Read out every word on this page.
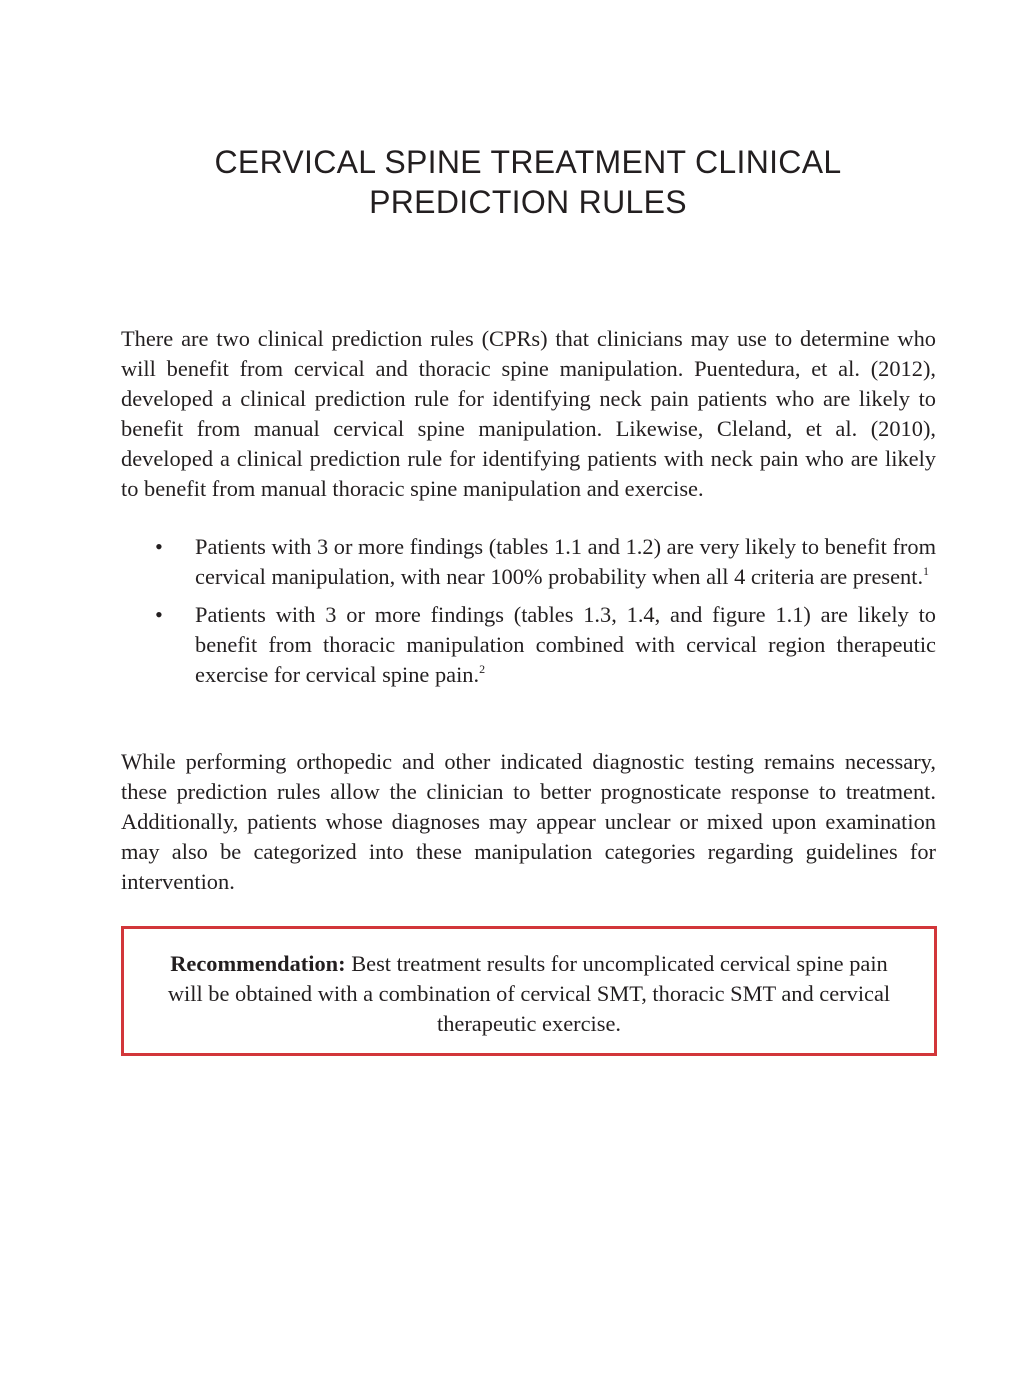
CERVICAL SPINE TREATMENT CLINICAL
PREDICTION RULES

There are two clinical prediction rules (CPRs) that clinicians may use to determine who will benefit from cervical and thoracic spine manipulation. Puentedura, et al. (2012), developed a clinical prediction rule for identifying neck pain patients who are likely to benefit from manual cervical spine manipulation. Likewise, Cleland, et al. (2010), developed a clinical prediction rule for identifying patients with neck pain who are likely to benefit from manual thoracic spine manipulation and exercise.

• Patients with 3 or more findings (tables 1.1 and 1.2) are very likely to benefit from cervical manipulation, with near 100% probability when all 4 criteria are present.$^1$
• Patients with 3 or more findings (tables 1.3, 1.4, and figure 1.1) are likely to benefit from thoracic manipulation combined with cervical region therapeutic exercise for cervical spine pain.$^2$

While performing orthopedic and other indicated diagnostic testing remains necessary, these prediction rules allow the clinician to better prognosticate response to treatment. Additionally, patients whose diagnoses may appear unclear or mixed upon examination may also be categorized into these manipulation categories regarding guidelines for intervention.

Recommendation: Best treatment results for uncomplicated cervical spine pain will be obtained with a combination of cervical SMT, thoracic SMT and cervical therapeutic exercise.
